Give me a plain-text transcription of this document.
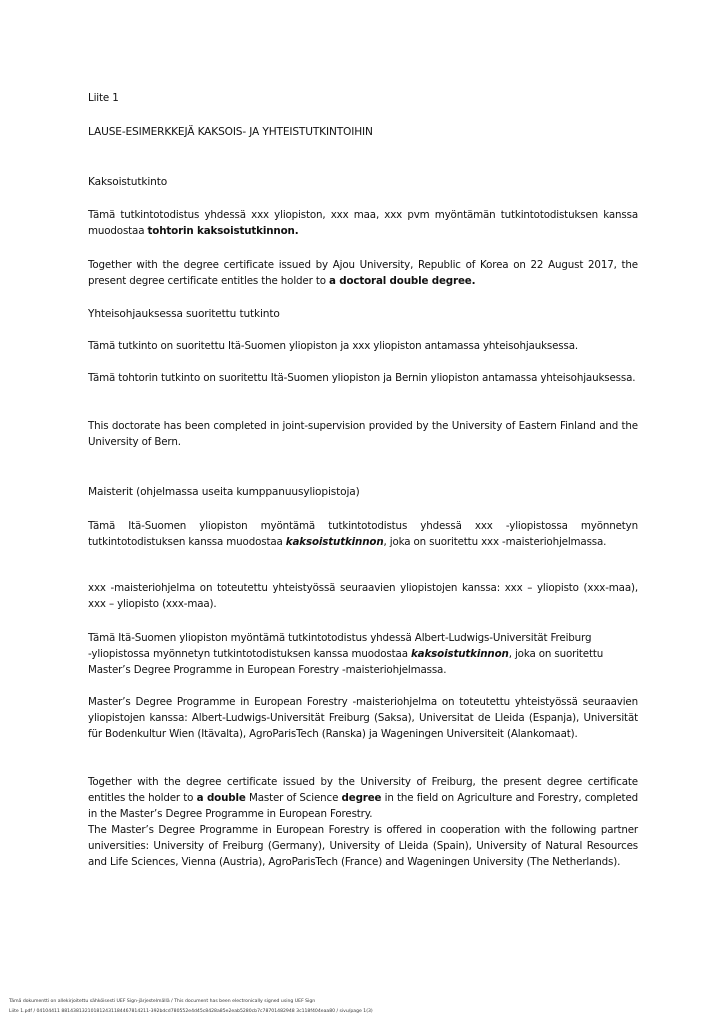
Liite 1

LAUSE-ESIMERKKEJÄ KAKSOIS- JA YHTEISTUTKINTOIHIN

Kaksoistutkinto

Tämä tutkintotodistus yhdessä xxx yliopiston, xxx maa, xxx pvm myöntämän tutkintotodistuksen kanssa muodostaa tohtorin kaksoistutkinnon.

Together with the degree certificate issued by Ajou University, Republic of Korea on 22 August 2017, the present degree certificate entitles the holder to a doctoral double degree.

Yhteisohjauksessa suoritettu tutkinto

Tämä tutkinto on suoritettu Itä-Suomen yliopiston ja xxx yliopiston antamassa yhteisohjauksessa.

Tämä tohtorin tutkinto on suoritettu Itä-Suomen yliopiston ja Bernin yliopiston antamassa yhteisohjauksessa.

This doctorate has been completed in joint-supervision provided by the University of Eastern Finland and the University of Bern.

Maisterit (ohjelmassa useita kumppanuusyliopistoja)

Tämä Itä-Suomen yliopiston myöntämä tutkintotodistus yhdessä xxx -yliopistossa myönnetyn tutkintotodistuksen kanssa muodostaa kaksoistutkinnon, joka on suoritettu xxx -maisteriohjelmassa.

xxx -maisteriohjelma on toteutettu yhteistyössä seuraavien yliopistojen kanssa: xxx – yliopisto (xxx-maa), xxx – yliopisto (xxx-maa).

Tämä Itä-Suomen yliopiston myöntämä tutkintotodistus yhdessä Albert-Ludwigs-Universität Freiburg
-yliopistossa myönnetyn tutkintotodistuksen kanssa muodostaa kaksoistutkinnon, joka on suoritettu
Master’s Degree Programme in European Forestry -maisteriohjelmassa.

Master’s Degree Programme in European Forestry -maisteriohjelma on toteutettu yhteistyössä seuraavien yliopistojen kanssa: Albert-Ludwigs-Universität Freiburg (Saksa), Universitat de Lleida (Espanja), Universität für Bodenkultur Wien (Itävalta), AgroParisTech (Ranska) ja Wageningen Universiteit (Alankomaat).

Together with the degree certificate issued by the University of Freiburg, the present degree certificate entitles the holder to a double Master of Science degree in the field on Agriculture and Forestry, completed in the Master’s Degree Programme in European Forestry.

The Master’s Degree Programme in European Forestry is offered in cooperation with the following partner universities: University of Freiburg (Germany), University of Lleida (Spain), University of Natural Resources and Life Sciences, Vienna (Austria), AgroParisTech (France) and Wageningen University (The Netherlands).

Tämä dokumentti on allekirjoitettu sähköisesti UEF Sign-järjestelmällä / This document has been electronically signed using UEF Sign
Liite 1.pdf / 04104411 881438132101812431184467814211-392bdcd780552e4d45c8428a85e2eab5280cb7c78701482948 3c118f404eaa80 / sivu/page 1(3)
